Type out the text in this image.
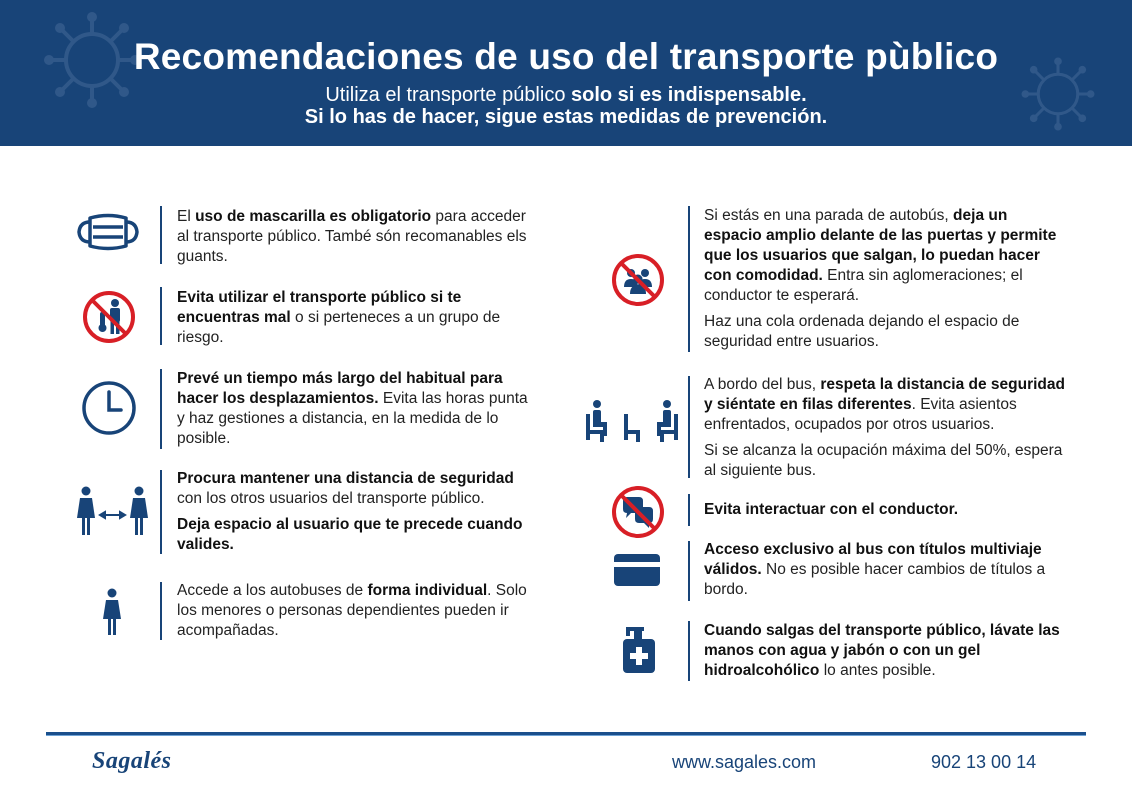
Recomendaciones de uso del transporte pùblico
Utiliza el transporte público solo si es indispensable.
Si lo has de hacer, sigue estas medidas de prevención.
El uso de mascarilla es obligatorio para acceder al transporte público. També són recomanables els guants.
Evita utilizar el transporte público si te encuentras mal o si perteneces a un grupo de riesgo.
Prevé un tiempo más largo del habitual para hacer los desplazamientos. Evita las horas punta y haz gestiones a distancia, en la medida de lo posible.
Procura mantener una distancia de seguridad con los otros usuarios del transporte público.
Deja espacio al usuario que te precede cuando valides.
Accede a los autobuses de forma individual. Solo los menores o personas dependientes pueden ir acompañadas.
Si estás en una parada de autobús, deja un espacio amplio delante de las puertas y permite que los usuarios que salgan, lo puedan hacer con comodidad. Entra sin aglomeraciones; el conductor te esperará.
Haz una cola ordenada dejando el espacio de seguridad entre usuarios.
A bordo del bus, respeta la distancia de seguridad y siéntate en filas diferentes. Evita asientos enfrentados, ocupados por otros usuarios.
Si se alcanza la ocupación máxima del 50%, espera al siguiente bus.
Evita interactuar con el conductor.
Acceso exclusivo al bus con títulos multiviaje válidos. No es posible hacer cambios de títulos a bordo.
Cuando salgas del transporte público, lávate las manos con agua y jabón o con un gel hidroalcohólico lo antes posible.
Sagalés	www.sagales.com	902 13 00 14
